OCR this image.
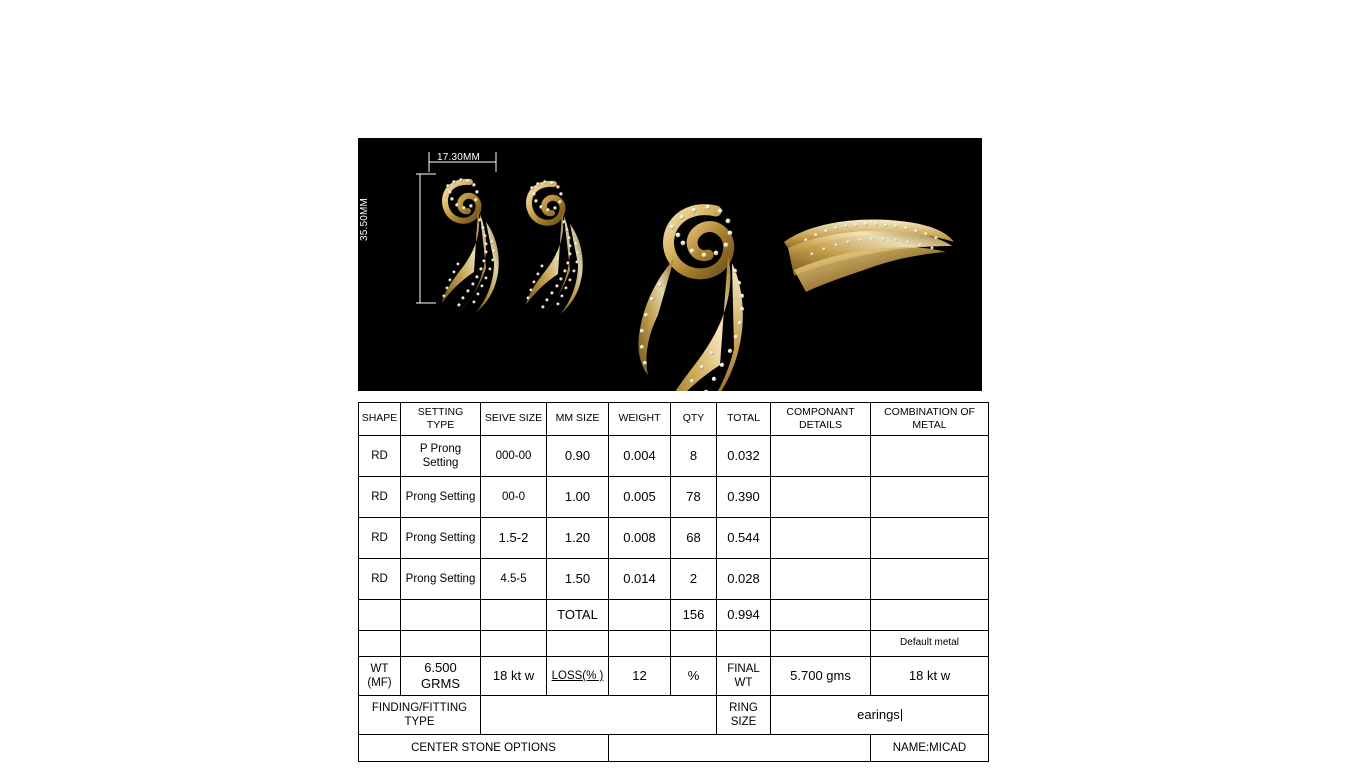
17.30MM
35.50MM
SHAPE	SETTING TYPE	SEIVE SIZE	MM SIZE	WEIGHT	QTY	TOTAL	COMPONANT DETAILS	COMBINATION OF METAL
RD	P Prong Setting	000-00	0.90	0.004	8	0.032		
RD	Prong Setting	00-0	1.00	0.005	78	0.390		
RD	Prong Setting	1.5-2	1.20	0.008	68	0.544		
RD	Prong Setting	4.5-5	1.50	0.014	2	0.028		
			TOTAL		156	0.994		
								Default metal
WT (MF)	6.500 GRMS	18 kt w	LOSS(% )	12	%	FINAL WT	5.700 gms	18 kt w
FINDING/FITTING TYPE						RING SIZE	earings	
CENTER STONE OPTIONS								NAME:MICAD
